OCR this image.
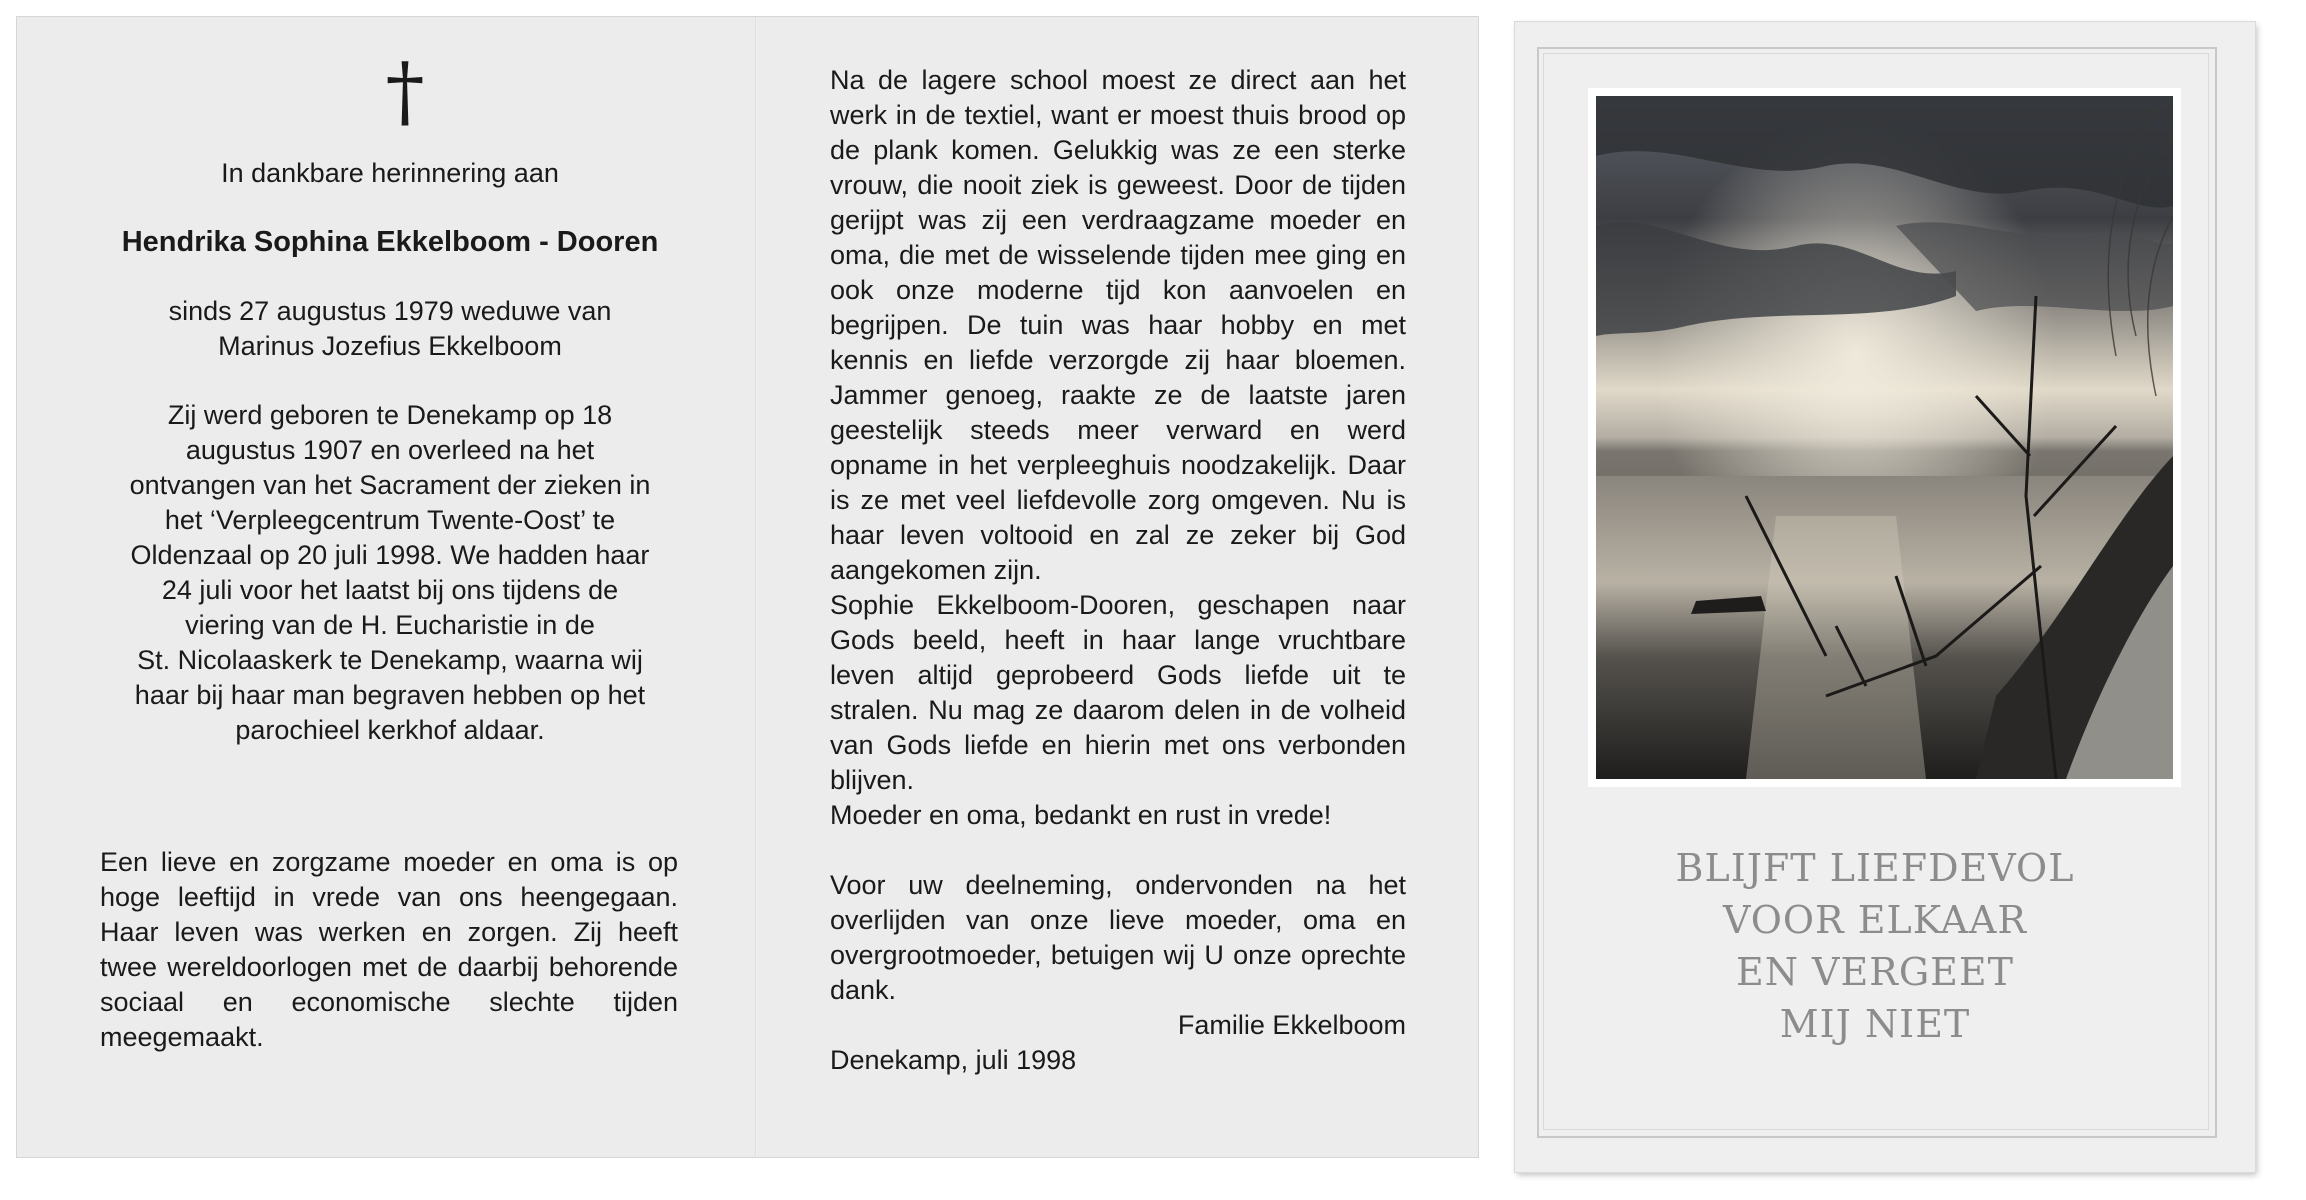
†
In dankbare herinnering aan
Hendrika Sophina Ekkelboom - Dooren
sinds 27 augustus 1979 weduwe van
Marinus Jozefius Ekkelboom
Zij werd geboren te Denekamp op 18
augustus 1907 en overleed na het
ontvangen van het Sacrament der zieken in
het ‘Verpleegcentrum Twente-Oost’ te
Oldenzaal op 20 juli 1998. We hadden haar
24 juli voor het laatst bij ons tijdens de
viering van de H. Eucharistie in de
St. Nicolaaskerk te Denekamp, waarna wij
haar bij haar man begraven hebben op het
parochieel kerkhof aldaar.
Een lieve en zorgzame moeder en oma is op hoge leeftijd in vrede van ons heengegaan. Haar leven was werken en zorgen. Zij heeft twee wereldoorlogen met de daarbij behorende sociaal en economische slechte tijden meegemaakt.

Na de lagere school moest ze direct aan het werk in de textiel, want er moest thuis brood op de plank komen. Gelukkig was ze een sterke vrouw, die nooit ziek is geweest. Door de tijden gerijpt was zij een verdraagzame moeder en oma, die met de wisselende tijden mee ging en ook onze moderne tijd kon aanvoelen en begrijpen. De tuin was haar hobby en met kennis en liefde verzorgde zij haar bloemen. Jammer genoeg, raakte ze de laatste jaren geestelijk steeds meer verward en werd opname in het verpleeghuis noodzakelijk. Daar is ze met veel liefdevolle zorg omgeven. Nu is haar leven voltooid en zal ze zeker bij God aangekomen zijn.

Sophie Ekkelboom-Dooren, geschapen naar Gods beeld, heeft in haar lange vruchtbare leven altijd geprobeerd Gods liefde uit te stralen. Nu mag ze daarom delen in de volheid van Gods liefde en hierin met ons verbonden blijven.

Moeder en oma, bedankt en rust in vrede!

Voor uw deelneming, ondervonden na het overlijden van onze lieve moeder, oma en overgrootmoeder, betuigen wij U onze oprechte dank.

Familie Ekkelboom

Denekamp, juli 1998

BLIJFT LIEFDEVOL
VOOR ELKAAR
EN VERGEET
MIJ NIET
